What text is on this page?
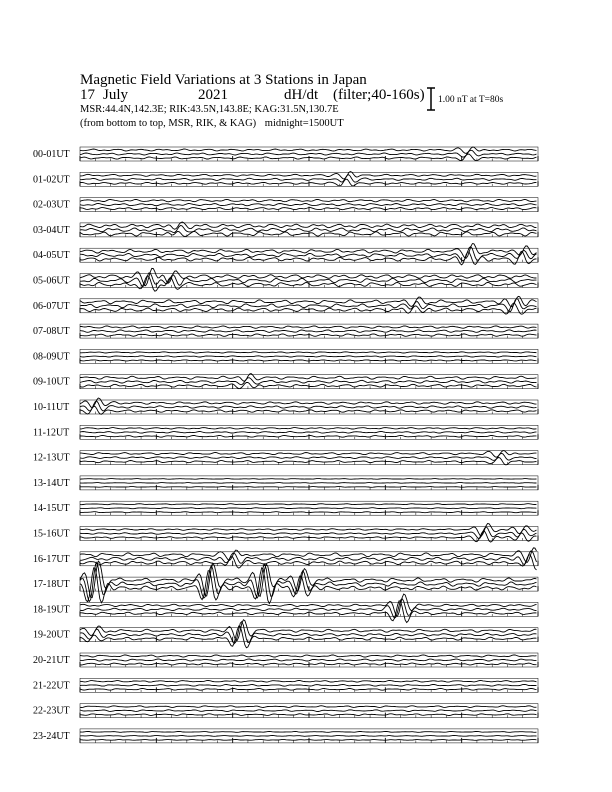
Magnetic Field Variations at 3 Stations in Japan
17 July	2021	dH/dt (filter;40-160s)
MSR:44.4N,142.3E; RIK:43.5N,143.8E; KAG:31.5N,130.7E
(from bottom to top, MSR, RIK, & KAG) midnight=1500UT
1.00 nT at T=80s
00-01UT
01-02UT
02-03UT
03-04UT
04-05UT
05-06UT
06-07UT
07-08UT
08-09UT
09-10UT
10-11UT
11-12UT
12-13UT
13-14UT
14-15UT
15-16UT
16-17UT
17-18UT
18-19UT
19-20UT
20-21UT
21-22UT
22-23UT
23-24UT
